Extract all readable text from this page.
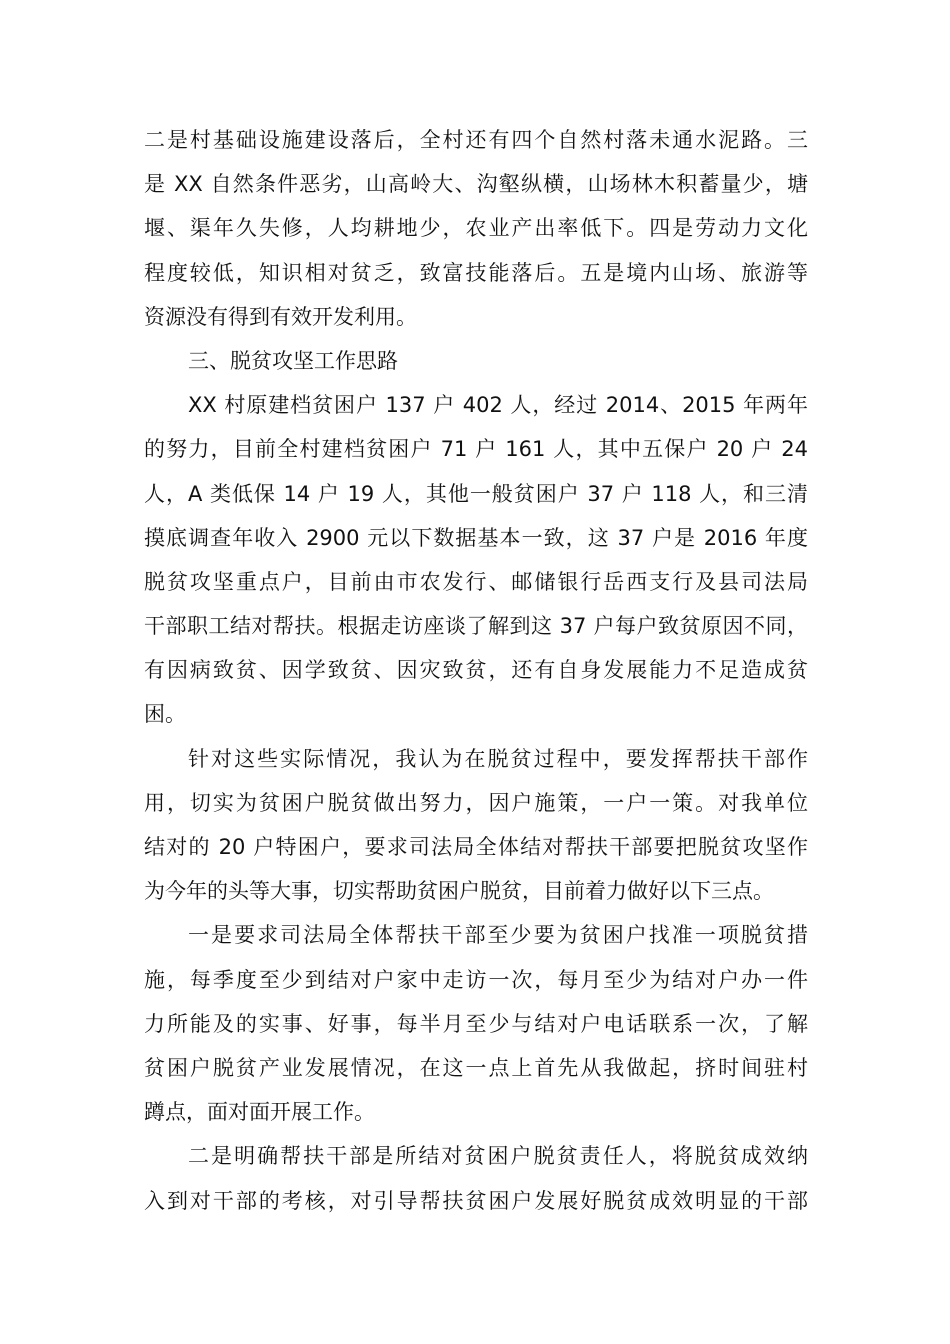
二是村基础设施建设落后，全村还有四个自然村落未通水泥路。三
是 XX 自然条件恶劣，山高岭大、沟壑纵横，山场林木积蓄量少，塘
堰、渠年久失修，人均耕地少，农业产出率低下。四是劳动力文化
程度较低，知识相对贫乏，致富技能落后。五是境内山场、旅游等
资源没有得到有效开发利用。
三、脱贫攻坚工作思路
XX 村原建档贫困户 137 户 402 人，经过 2014、2015 年两年
的努力，目前全村建档贫困户 71 户 161 人，其中五保户 20 户 24
人，A 类低保 14 户 19 人，其他一般贫困户 37 户 118 人，和三清
摸底调查年收入 2900 元以下数据基本一致，这 37 户是 2016 年度
脱贫攻坚重点户，目前由市农发行、邮储银行岳西支行及县司法局
干部职工结对帮扶。根据走访座谈了解到这 37 户每户致贫原因不同，
有因病致贫、因学致贫、因灾致贫，还有自身发展能力不足造成贫
困。
针对这些实际情况，我认为在脱贫过程中，要发挥帮扶干部作
用，切实为贫困户脱贫做出努力，因户施策，一户一策。对我单位
结对的 20 户特困户，要求司法局全体结对帮扶干部要把脱贫攻坚作
为今年的头等大事，切实帮助贫困户脱贫，目前着力做好以下三点。
一是要求司法局全体帮扶干部至少要为贫困户找准一项脱贫措
施，每季度至少到结对户家中走访一次，每月至少为结对户办一件
力所能及的实事、好事，每半月至少与结对户电话联系一次，了解
贫困户脱贫产业发展情况，在这一点上首先从我做起，挤时间驻村
蹲点，面对面开展工作。
二是明确帮扶干部是所结对贫困户脱贫责任人，将脱贫成效纳
入到对干部的考核，对引导帮扶贫困户发展好脱贫成效明显的干部
